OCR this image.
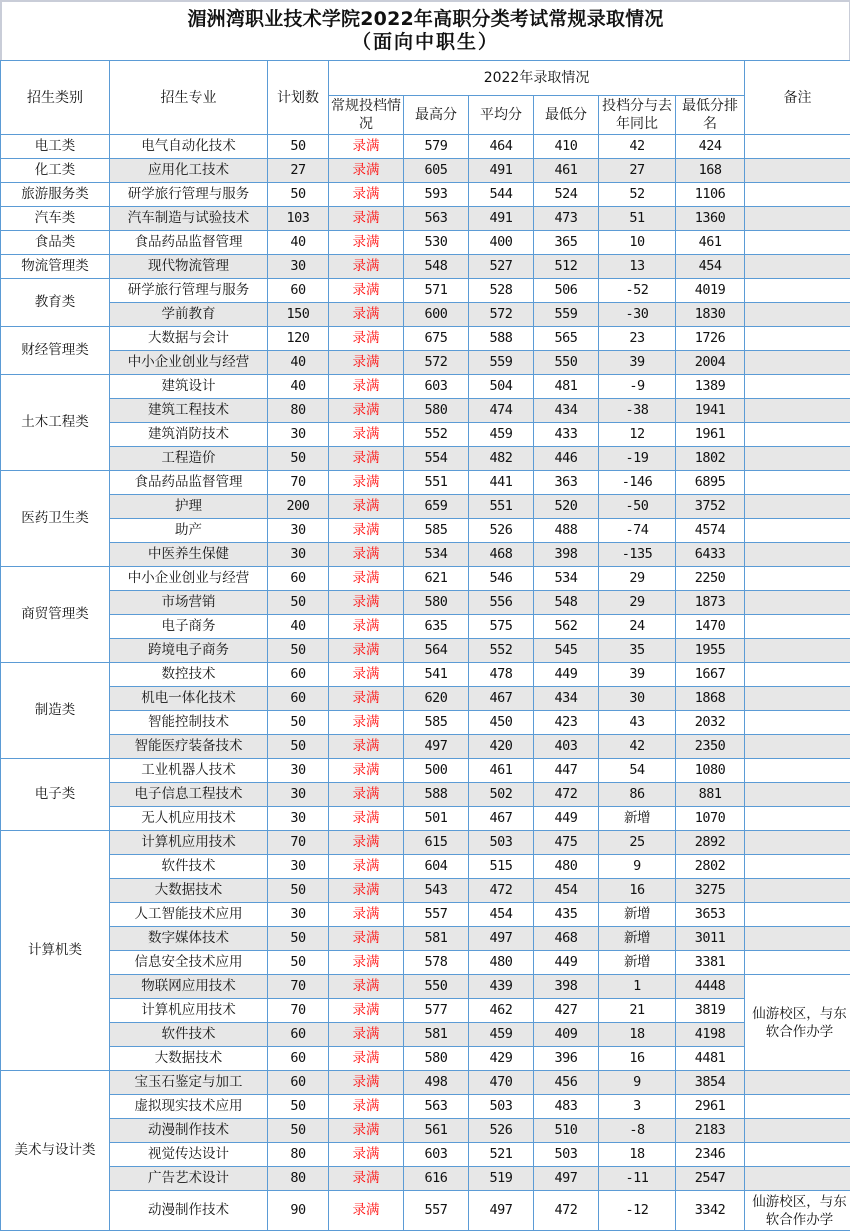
湄洲湾职业技术学院2022年高职分类考试常规录取情况
（面向中职生）
招生类别	招生专业	计划数	2022年录取情况						备注
			常规投档情况	最高分	平均分	最低分	投档分与去年同比	最低分排名	
电工类	电气自动化技术	50	录满	579	464	410	42	424	
化工类	应用化工技术	27	录满	605	491	461	27	168	
旅游服务类	研学旅行管理与服务	50	录满	593	544	524	52	1106	
汽车类	汽车制造与试验技术	103	录满	563	491	473	51	1360	
食品类	食品药品监督管理	40	录满	530	400	365	10	461	
物流管理类	现代物流管理	30	录满	548	527	512	13	454	
教育类	研学旅行管理与服务	60	录满	571	528	506	-52	4019	
	学前教育	150	录满	600	572	559	-30	1830	
财经管理类	大数据与会计	120	录满	675	588	565	23	1726	
	中小企业创业与经营	40	录满	572	559	550	39	2004	
土木工程类	建筑设计	40	录满	603	504	481	-9	1389	
	建筑工程技术	80	录满	580	474	434	-38	1941	
	建筑消防技术	30	录满	552	459	433	12	1961	
	工程造价	50	录满	554	482	446	-19	1802	
医药卫生类	食品药品监督管理	70	录满	551	441	363	-146	6895	
	护理	200	录满	659	551	520	-50	3752	
	助产	30	录满	585	526	488	-74	4574	
	中医养生保健	30	录满	534	468	398	-135	6433	
商贸管理类	中小企业创业与经营	60	录满	621	546	534	29	2250	
	市场营销	50	录满	580	556	548	29	1873	
	电子商务	40	录满	635	575	562	24	1470	
	跨境电子商务	50	录满	564	552	545	35	1955	
制造类	数控技术	60	录满	541	478	449	39	1667	
	机电一体化技术	60	录满	620	467	434	30	1868	
	智能控制技术	50	录满	585	450	423	43	2032	
	智能医疗装备技术	50	录满	497	420	403	42	2350	
电子类	工业机器人技术	30	录满	500	461	447	54	1080	
	电子信息工程技术	30	录满	588	502	472	86	881	
	无人机应用技术	30	录满	501	467	449	新增	1070	
计算机类	计算机应用技术	70	录满	615	503	475	25	2892	
	软件技术	30	录满	604	515	480	9	2802	
	大数据技术	50	录满	543	472	454	16	3275	
	人工智能技术应用	30	录满	557	454	435	新增	3653	
	数字媒体技术	50	录满	581	497	468	新增	3011	
	信息安全技术应用	50	录满	578	480	449	新增	3381	
	物联网应用技术	70	录满	550	439	398	1	4448	仙游校区，与东软合作办学
	计算机应用技术	70	录满	577	462	427	21	3819	
	软件技术	60	录满	581	459	409	18	4198	
	大数据技术	60	录满	580	429	396	16	4481	
美术与设计类	宝玉石鉴定与加工	60	录满	498	470	456	9	3854	
	虚拟现实技术应用	50	录满	563	503	483	3	2961	
	动漫制作技术	50	录满	561	526	510	-8	2183	
	视觉传达设计	80	录满	603	521	503	18	2346	
	广告艺术设计	80	录满	616	519	497	-11	2547	
	动漫制作技术	90	录满	557	497	472	-12	3342	仙游校区，与东软合作办学
